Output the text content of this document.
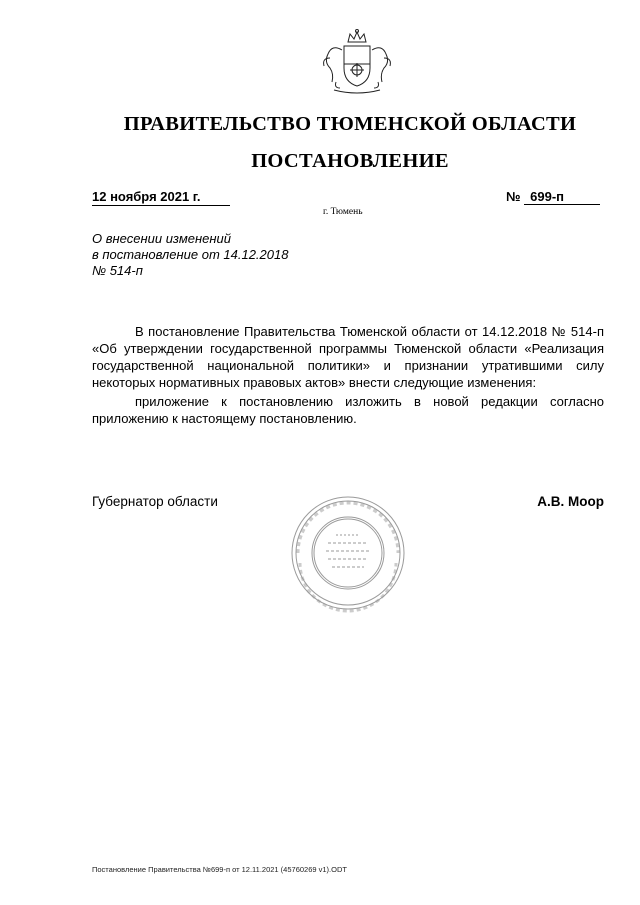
ПРАВИТЕЛЬСТВО ТЮМЕНСКОЙ ОБЛАСТИ
ПОСТАНОВЛЕНИЕ
12 ноября 2021 г.	№ 699-п
г. Тюмень
О внесении изменений
в постановление от 14.12.2018
№ 514-п

В постановление Правительства Тюменской области от 14.12.2018 № 514-п «Об утверждении государственной программы Тюменской области «Реализация государственной национальной политики» и признании утратившими силу некоторых нормативных правовых актов» внести следующие изменения:

приложение к постановлению изложить в новой редакции согласно приложению к настоящему постановлению.

Губернатор области	А.В. Моор
Постановление Правительства №699-п от 12.11.2021 (45760269 v1).ODT
